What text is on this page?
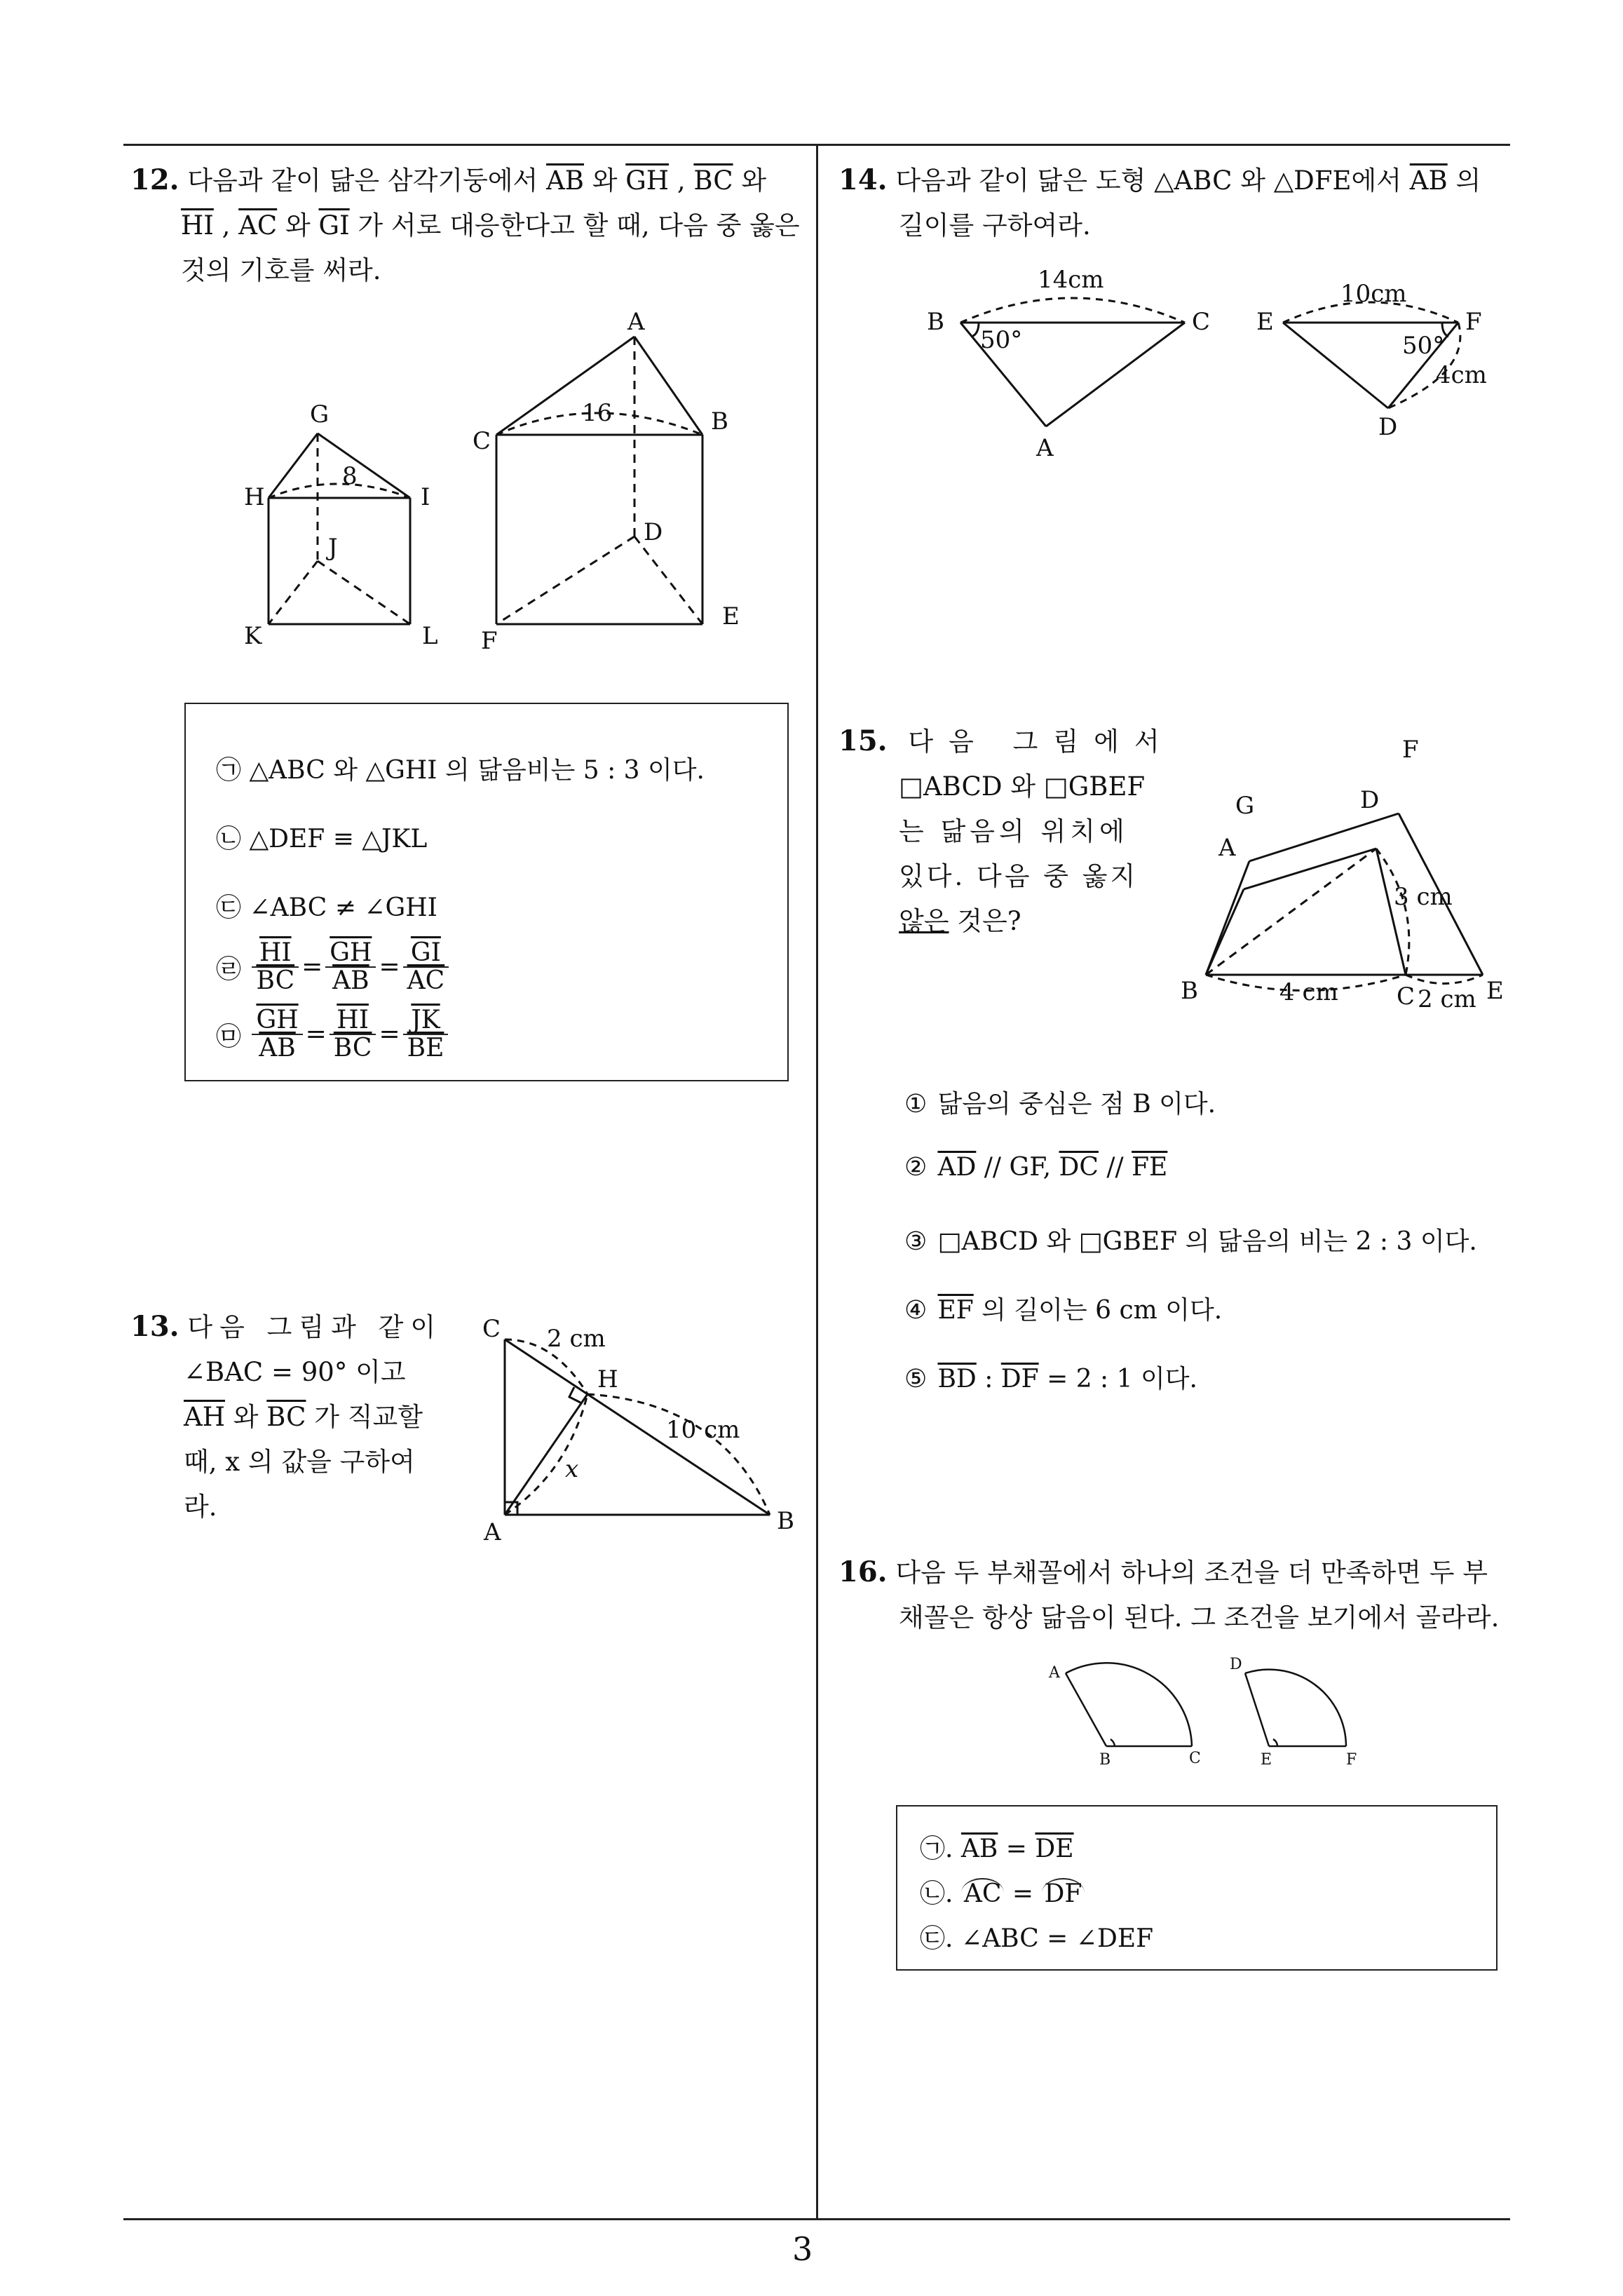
3
12. 다음과 같이 닮은 삼각기둥에서 $\overline{AB}$ 와 $\overline{GH}$ , $\overline{BC}$ 와
$\overline{HI}$ , $\overline{AC}$ 와 $\overline{GI}$ 가 서로 대응한다고 할 때, 다음 중 옳은
것의 기호를 써라.
G
H	I
J
K	L
8
A
C
B
D
E
F
16
㉠ △ABC 와 △GHI 의 닮음비는 5 : 3 이다.
㉡ △DEF ≡ △JKL
㉢ ∠ABC ≠ ∠GHI
㉣ $\frac{\overline{HI}}{BC} = \frac{\overline{GH}}{AB} = \frac{\overline{GI}}{AC}$
㉤ $\frac{\overline{GH}}{AB} = \frac{\overline{HI}}{BC} = \frac{\overline{JK}}{BE}$
13. 다음 그림과 같이
∠BAC = 90° 이고
$\overline{AH}$ 와 $\overline{BC}$ 가 직교할
때, x 의 값을 구하여
라.
C 2 cm
H
10 cm
x
A	B
14. 다음과 같이 닮은 도형 △ABC 와 △DFE에서 $\overline{AB}$ 의
길이를 구하여라.
B	C
A
14cm
50°
E	F
D
10cm
50°
4cm
15. 다음 그림에서
□ABCD 와 □GBEF
는 닮음의 위치에
있다. 다음 중 옳지
않은 것은?
F
G	D
A
B	4 cm C 2 cm E
3 cm
① 닮음의 중심은 점 B 이다.
② $\overline{AD}$ // GF, $\overline{DC} // \overline{FE}$
③ □ABCD 와 □GBEF 의 닮음의 비는 2 : 3 이다.
④ $\overline{EF}$ 의 길이는 6 cm 이다.
⑤ $\overline{BD}$ : $\overline{DF} = 2$ : 1 이다.
16. 다음 두 부채꼴에서 하나의 조건을 더 만족하면 두 부
채꼴은 항상 닮음이 된다. 그 조건을 보기에서 골라라.
A
B	C
D
E	F
㉠. $\overline{AB} = \overline{DE}$
㉡. AC = DF
㉢. ∠ABC = ∠DEF
